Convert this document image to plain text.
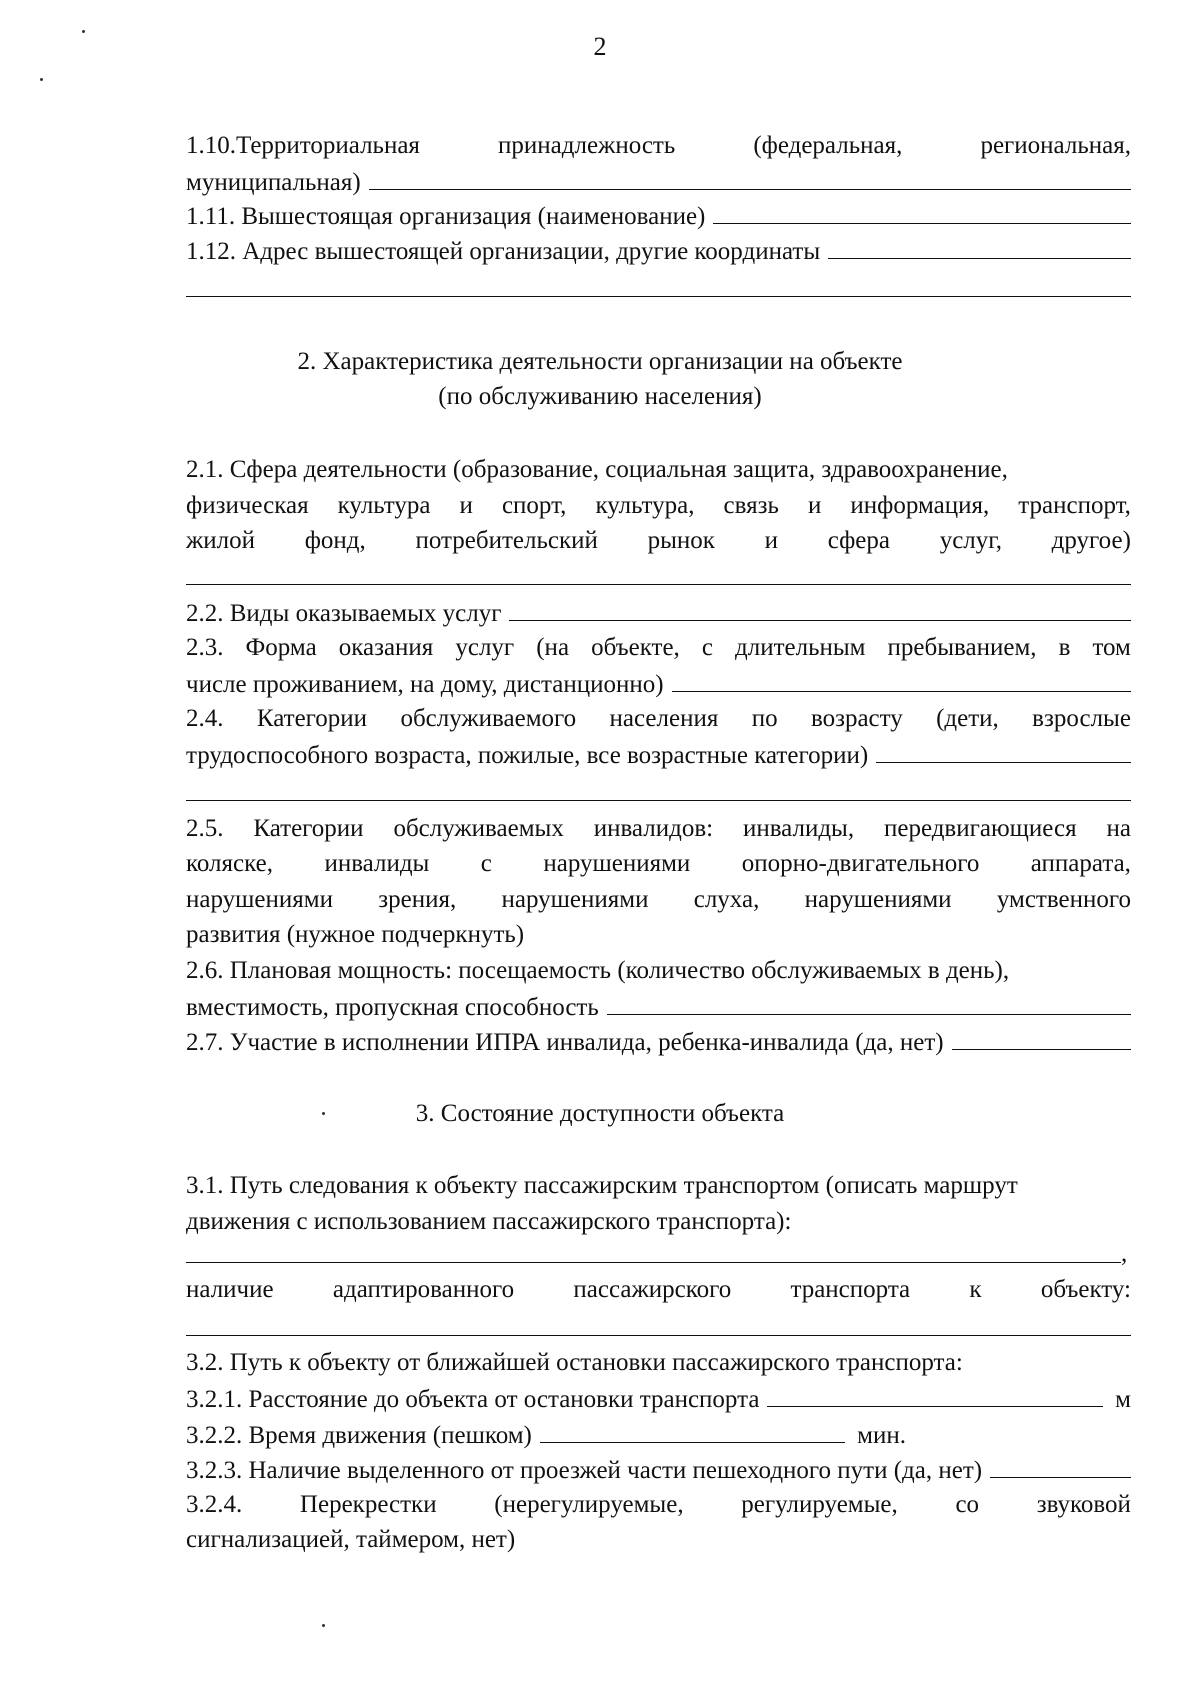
2
1.10.Территориальная	принадлежность	(федеральная,	региональная,
муниципальная)
1.11. Вышестоящая организация (наименование)
1.12. Адрес вышестоящей организации, другие координаты
2. Характеристика деятельности организации на объекте
(по обслуживанию населения)
2.1. Сфера деятельности (образование, социальная защита, здравоохранение,
физическая культура и спорт, культура, связь и информация, транспорт,
жилой фонд, потребительский рынок и сфера услуг, другое)
2.2. Виды оказываемых услуг
2.3. Форма оказания услуг (на объекте, с длительным пребыванием, в том
числе проживанием, на дому, дистанционно)
2.4. Категории обслуживаемого населения по возрасту (дети, взрослые
трудоспособного возраста, пожилые, все возрастные категории)
2.5. Категории обслуживаемых инвалидов: инвалиды, передвигающиеся на
коляске, инвалиды с нарушениями опорно-двигательного аппарата,
нарушениями зрения, нарушениями слуха, нарушениями умственного
развития (нужное подчеркнуть)
2.6. Плановая мощность: посещаемость (количество обслуживаемых в день),
вместимость, пропускная способность
2.7. Участие в исполнении ИПРА инвалида, ребенка-инвалида (да, нет)
3. Состояние доступности объекта
3.1. Путь следования к объекту пассажирским транспортом (описать маршрут
движения с использованием пассажирского транспорта):
,
наличие адаптированного пассажирского транспорта к объекту:
3.2. Путь к объекту от ближайшей остановки пассажирского транспорта:
3.2.1. Расстояние до объекта от остановки транспорта	м
3.2.2. Время движения (пешком)	мин.
3.2.3. Наличие выделенного от проезжей части пешеходного пути (да, нет)
3.2.4. Перекрестки (нерегулируемые, регулируемые, со звуковой
сигнализацией, таймером, нет)
